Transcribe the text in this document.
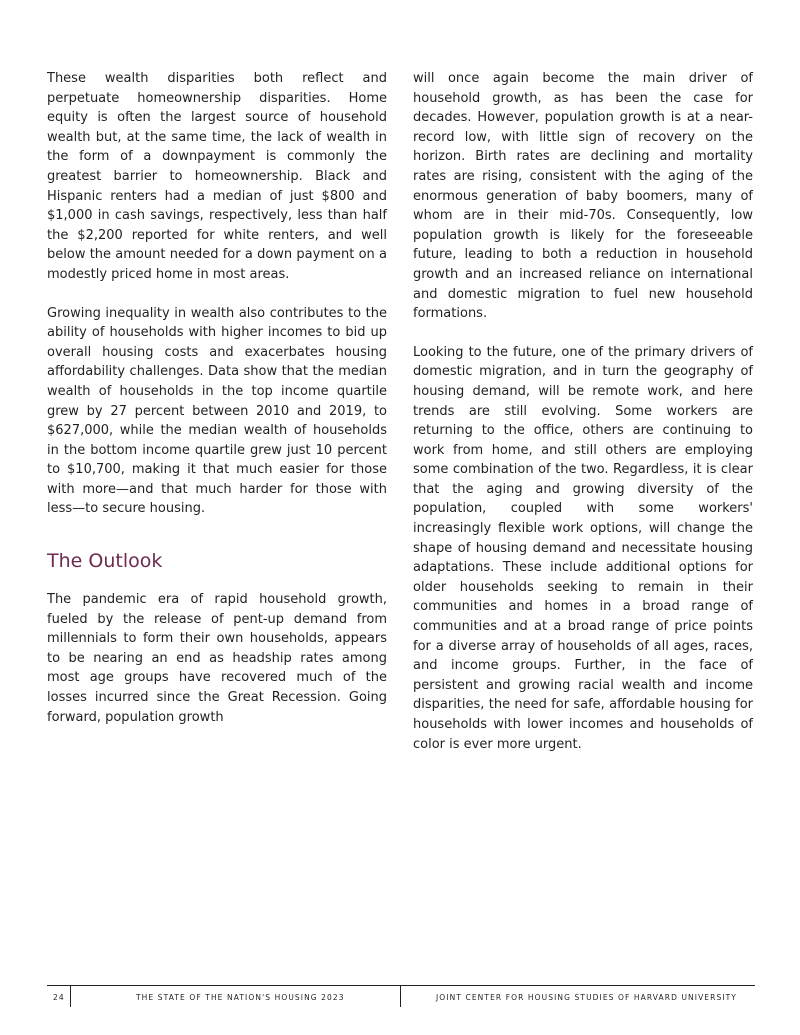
These wealth disparities both reflect and perpetuate homeownership disparities. Home equity is often the largest source of household wealth but, at the same time, the lack of wealth in the form of a downpayment is commonly the greatest barrier to homeownership. Black and Hispanic renters had a median of just $800 and $1,000 in cash savings, respectively, less than half the $2,200 reported for white renters, and well below the amount needed for a down payment on a modestly priced home in most areas.

Growing inequality in wealth also contributes to the ability of households with higher incomes to bid up overall housing costs and exacerbates housing affordability challenges. Data show that the median wealth of households in the top income quartile grew by 27 percent between 2010 and 2019, to $627,000, while the median wealth of households in the bottom income quartile grew just 10 percent to $10,700, making it that much easier for those with more—and that much harder for those with less—to secure housing.

The Outlook

The pandemic era of rapid household growth, fueled by the release of pent-up demand from millennials to form their own households, appears to be nearing an end as headship rates among most age groups have recovered much of the losses incurred since the Great Recession. Going forward, population growth

will once again become the main driver of household growth, as has been the case for decades. However, population growth is at a near-record low, with little sign of recovery on the horizon. Birth rates are declining and mortality rates are rising, consistent with the aging of the enormous generation of baby boomers, many of whom are in their mid-70s. Consequently, low population growth is likely for the foreseeable future, leading to both a reduction in household growth and an increased reliance on international and domestic migration to fuel new household formations.

Looking to the future, one of the primary drivers of domestic migration, and in turn the geography of housing demand, will be remote work, and here trends are still evolving. Some workers are returning to the office, others are continuing to work from home, and still others are employing some combination of the two. Regardless, it is clear that the aging and growing diversity of the population, coupled with some workers' increasingly flexible work options, will change the shape of housing demand and necessitate housing adaptations. These include additional options for older households seeking to remain in their communities and homes in a broad range of communities and at a broad range of price points for a diverse array of households of all ages, races, and income groups. Further, in the face of persistent and growing racial wealth and income disparities, the need for safe, affordable housing for households with lower incomes and households of color is ever more urgent.

24	THE STATE OF THE NATION'S HOUSING 2023	JOINT CENTER FOR HOUSING STUDIES OF HARVARD UNIVERSITY
